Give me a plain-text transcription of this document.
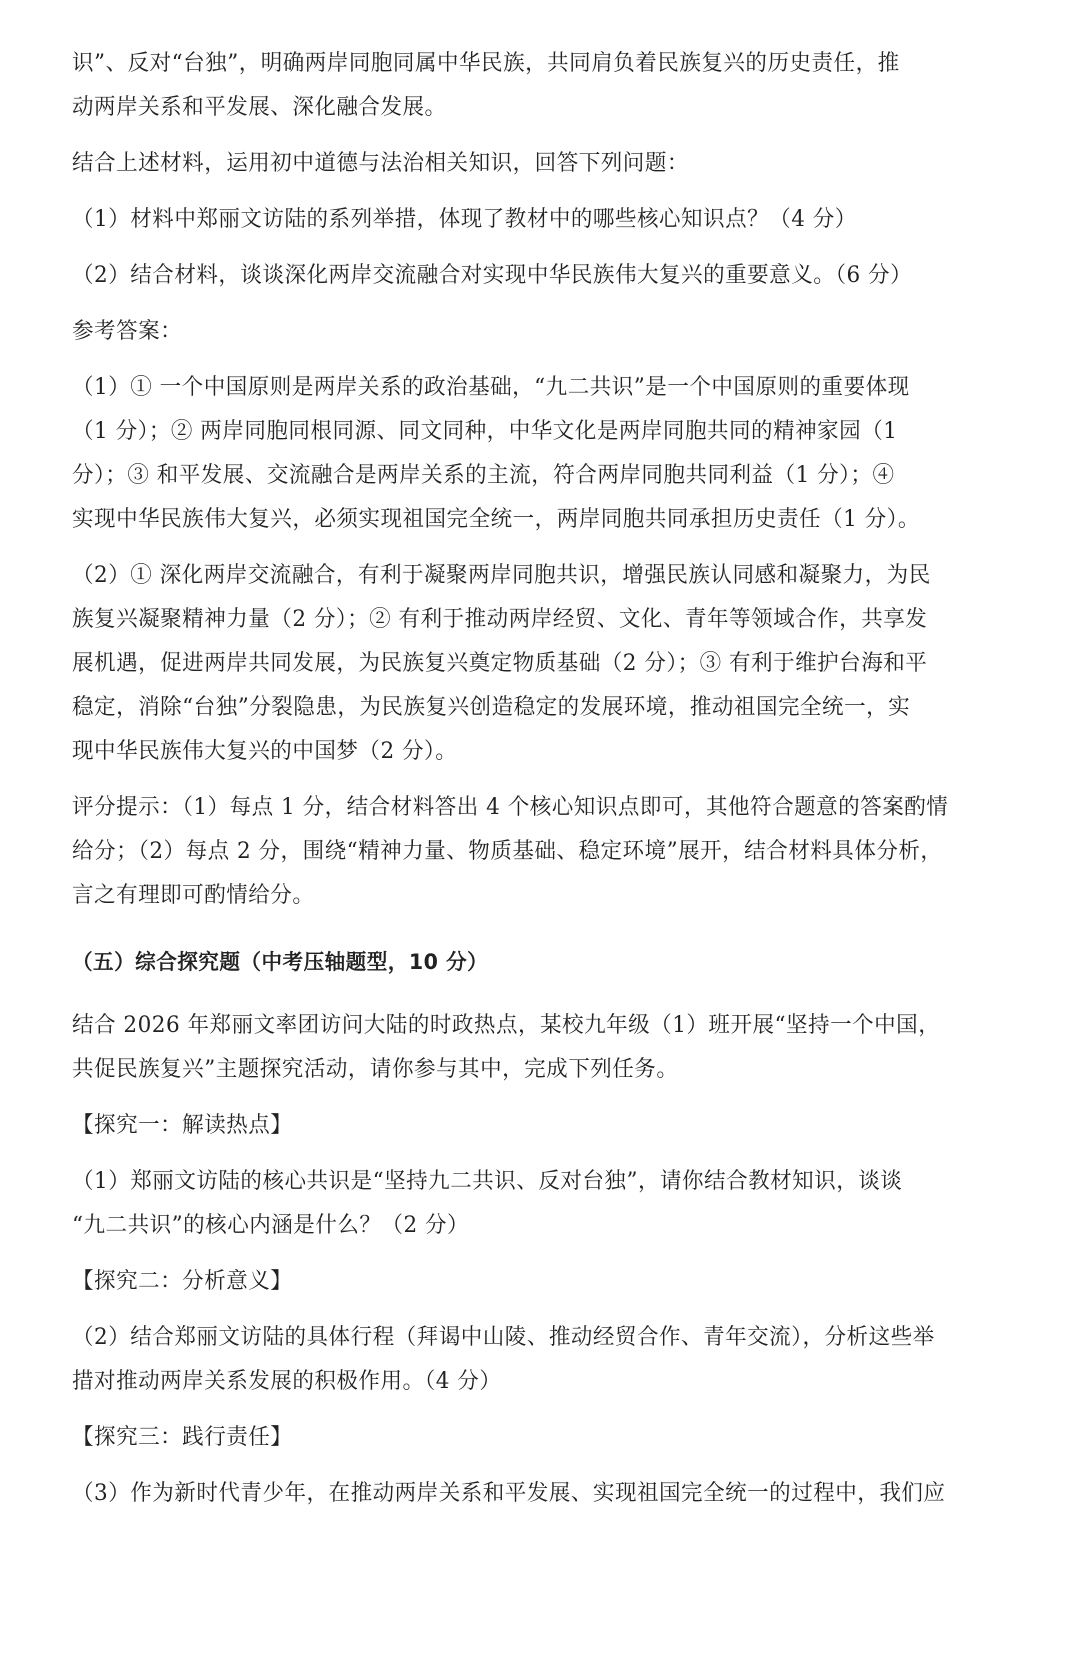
识”、反对“台独”，明确两岸同胞同属中华民族，共同肩负着民族复兴的历史责任，推
动两岸关系和平发展、深化融合发展。

结合上述材料，运用初中道德与法治相关知识，回答下列问题：

（1）材料中郑丽文访陆的系列举措，体现了教材中的哪些核心知识点？（4 分）

（2）结合材料，谈谈深化两岸交流融合对实现中华民族伟大复兴的重要意义。（6 分）

参考答案：

（1）① 一个中国原则是两岸关系的政治基础，“九二共识”是一个中国原则的重要体现
（1 分）；② 两岸同胞同根同源、同文同种，中华文化是两岸同胞共同的精神家园（1
分）；③ 和平发展、交流融合是两岸关系的主流，符合两岸同胞共同利益（1 分）；④
实现中华民族伟大复兴，必须实现祖国完全统一，两岸同胞共同承担历史责任（1 分）。

（2）① 深化两岸交流融合，有利于凝聚两岸同胞共识，增强民族认同感和凝聚力，为民
族复兴凝聚精神力量（2 分）；② 有利于推动两岸经贸、文化、青年等领域合作，共享发
展机遇，促进两岸共同发展，为民族复兴奠定物质基础（2 分）；③ 有利于维护台海和平
稳定，消除“台独”分裂隐患，为民族复兴创造稳定的发展环境，推动祖国完全统一，实
现中华民族伟大复兴的中国梦（2 分）。

评分提示：（1）每点 1 分，结合材料答出 4 个核心知识点即可，其他符合题意的答案酌情
给分；（2）每点 2 分，围绕“精神力量、物质基础、稳定环境”展开，结合材料具体分析，
言之有理即可酌情给分。

（五）综合探究题（中考压轴题型，10 分）

结合 2026 年郑丽文率团访问大陆的时政热点，某校九年级（1）班开展“坚持一个中国，
共促民族复兴”主题探究活动，请你参与其中，完成下列任务。

【探究一：解读热点】

（1）郑丽文访陆的核心共识是“坚持九二共识、反对台独”，请你结合教材知识，谈谈
“九二共识”的核心内涵是什么？（2 分）

【探究二：分析意义】

（2）结合郑丽文访陆的具体行程（拜谒中山陵、推动经贸合作、青年交流），分析这些举
措对推动两岸关系发展的积极作用。（4 分）

【探究三：践行责任】

（3）作为新时代青少年，在推动两岸关系和平发展、实现祖国完全统一的过程中，我们应
